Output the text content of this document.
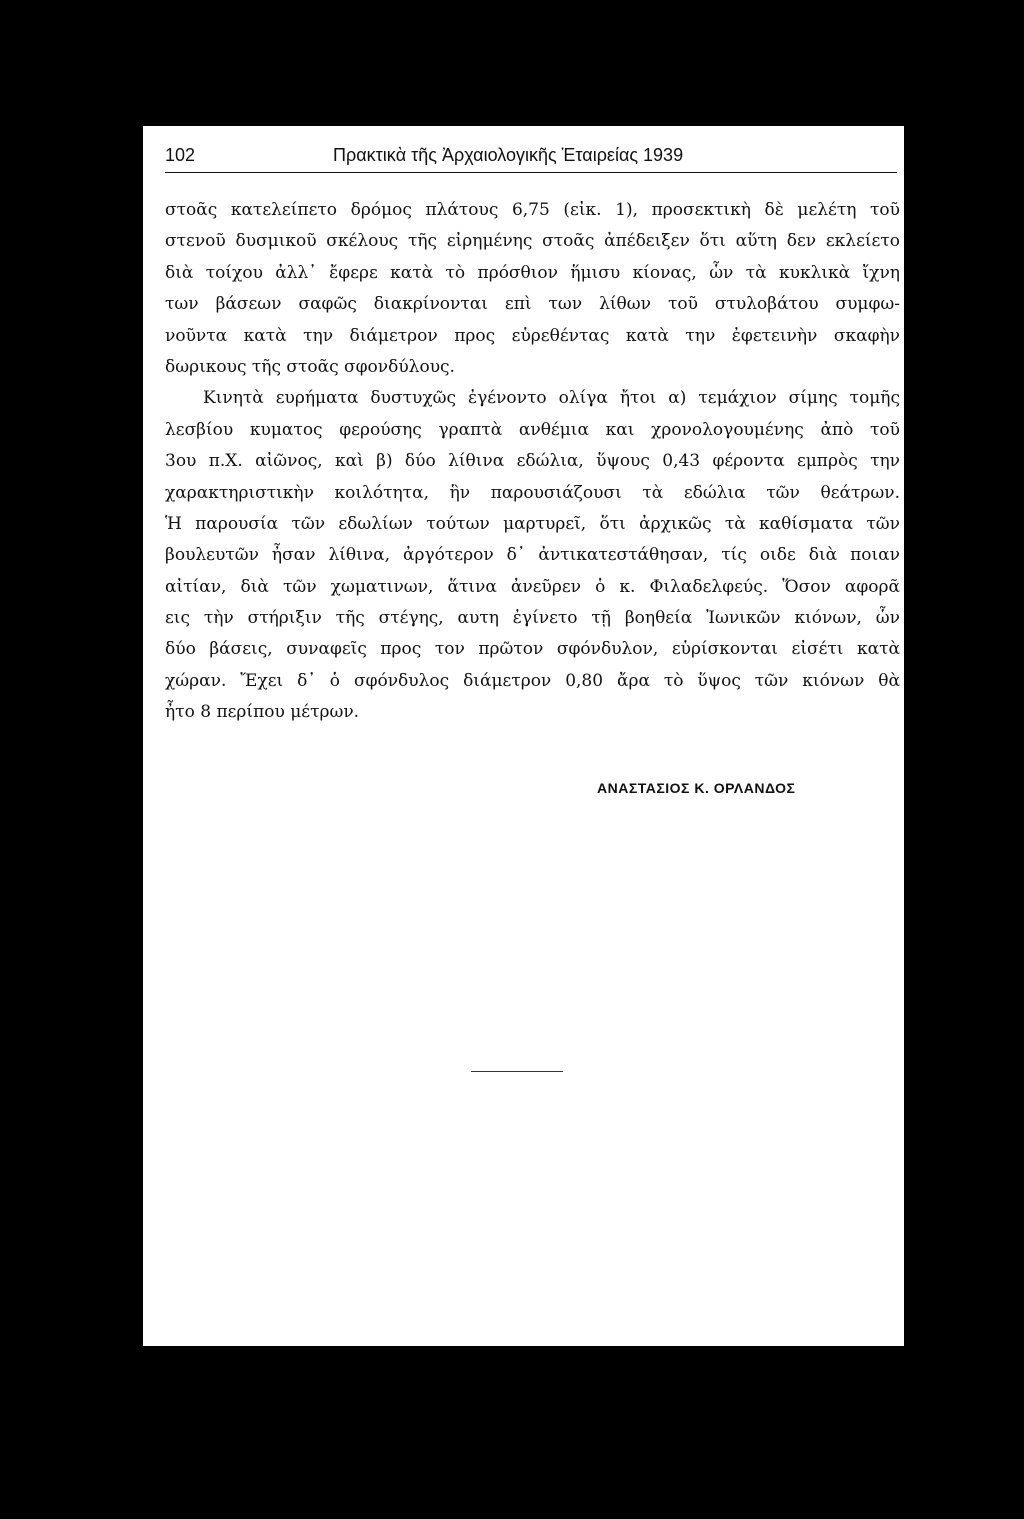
102	Πρακτικὰ τῆς Ἀρχαιολογικῆς Ἑταιρείας 1939
στοᾶς κατελείπετο δρόμος πλάτους 6,75 (εἰκ. 1), προσεκτικὴ δὲ μελέτη τοῦ
στενοῦ δυσμικοῦ σκέλους τῆς εἰρημένης στοᾶς ἀπέδειξεν ὅτι αὕτη δεν εκλείετο
διὰ τοίχου ἀλλ᾽ ἔφερε κατὰ τὸ πρόσθιον ἥμισυ κίονας, ὧν τὰ κυκλικὰ ἴχνη
των βάσεων σαφῶς διακρίνονται επὶ των λίθων τοῦ στυλοβάτου συμφω-
νοῦντα κατὰ την διάμετρον προς εὑρεθέντας κατὰ την ἐφετεινὴν σκαφὴν
δωρικους τῆς στοᾶς σφονδύλους.
Κινητὰ ευρήματα δυστυχῶς ἐγένοντο ολίγα ἤτοι α) τεμάχιον σίμης τομῆς
λεσβίου κυματος φερούσης γραπτὰ ανθέμια και χρονολογουμένης ἀπὸ τοῦ
3ου π.Χ. αἰῶνος, καὶ β) δύο λίθινα εδώλια, ὕψους 0,43 φέροντα εμπρὸς την
χαρακτηριστικὴν κοιλότητα, ἣν παρουσιάζουσι τὰ εδώλια τῶν θεάτρων.
Ἡ παρουσία τῶν εδωλίων τούτων μαρτυρεῖ, ὅτι ἀρχικῶς τὰ καθίσματα τῶν
βουλευτῶν ἦσαν λίθινα, ἀργότερον δ᾽ ἀντικατεστάθησαν, τίς οιδε διὰ ποιαν
αἰτίαν, διὰ τῶν χωματινων, ἅτινα ἀνεῦρεν ὁ κ. Φιλαδελφεύς. Ὅσον αφορᾶ
εις τὴν στήριξιν τῆς στέγης, αυτη ἐγίνετο τῇ βοηθεία Ἰωνικῶν κιόνων, ὧν
δύο βάσεις, συναφεῖς προς τον πρῶτον σφόνδυλον, εὑρίσκονται εἰσέτι κατὰ
χώραν. Ἔχει δ᾽ ὁ σφόνδυλος διάμετρον 0,80 ἄρα τὸ ὕψος τῶν κιόνων θὰ
ἦτο 8 περίπου μέτρων.
ΑΝΑΣΤΑΣΙΟΣ Κ. ΟΡΛΑΝΔΟΣ
